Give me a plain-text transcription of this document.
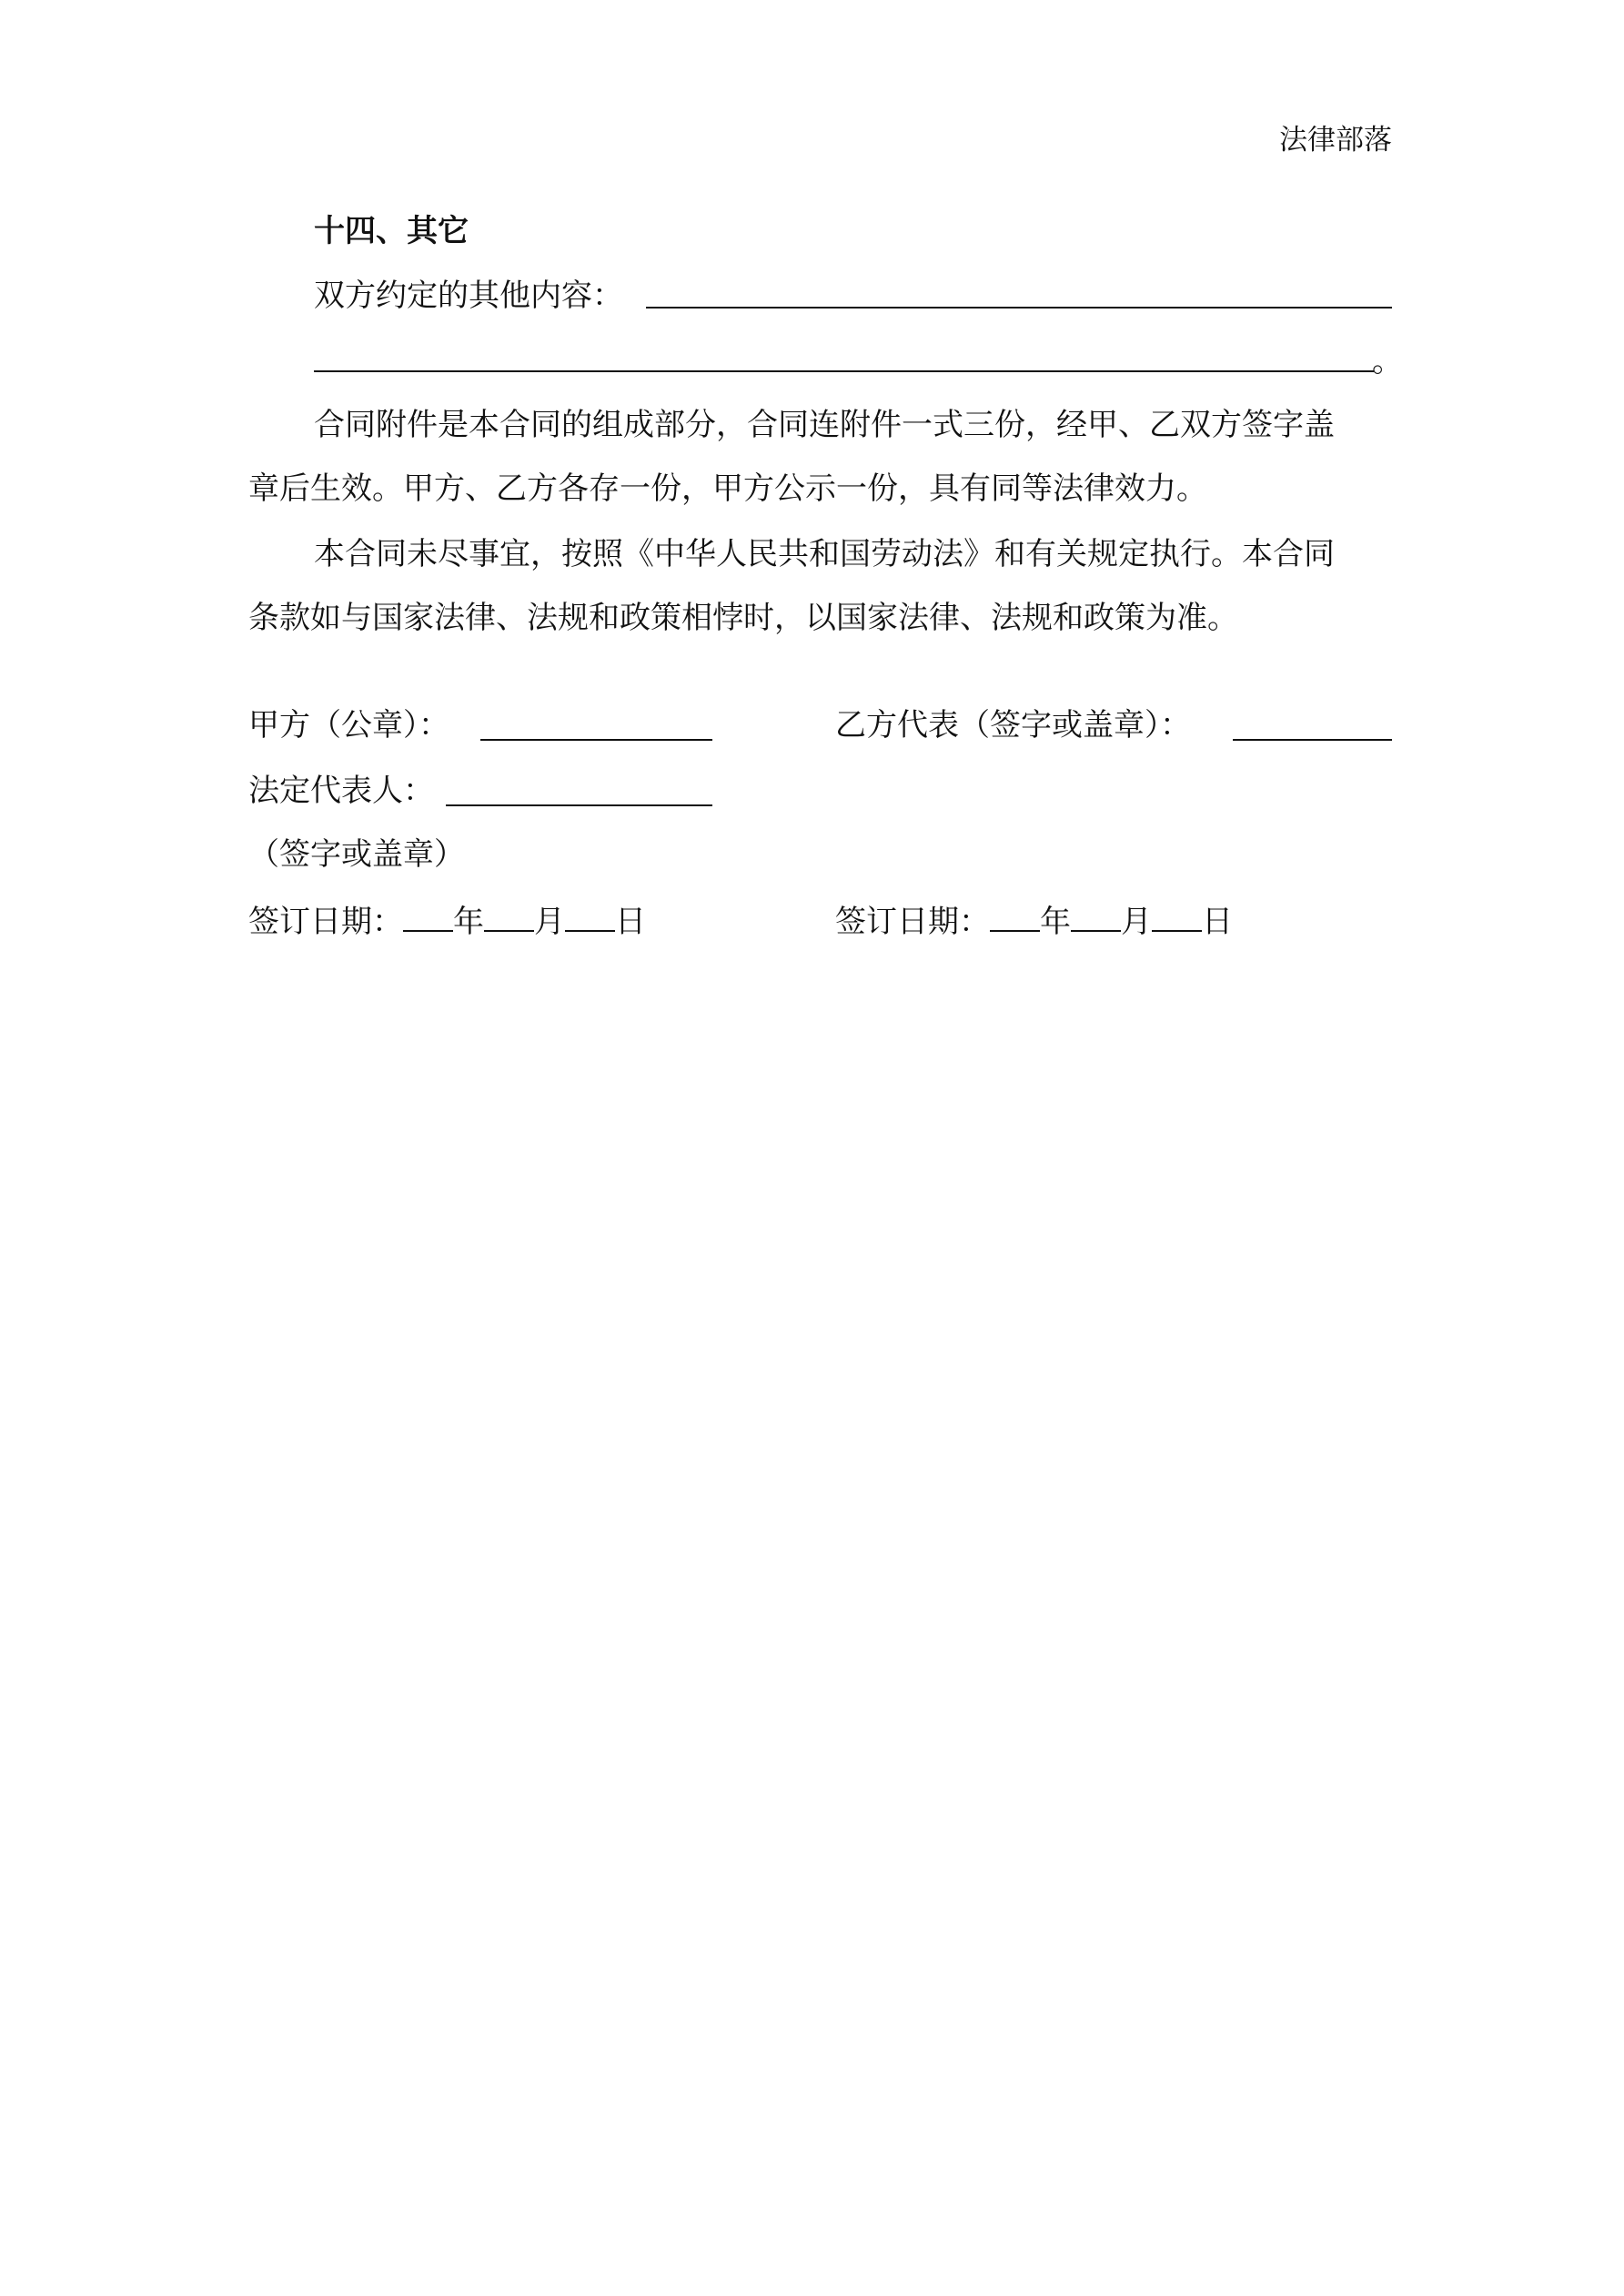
法律部落
十四、其它
双方约定的其他内容：
。
合同附件是本合同的组成部分，合同连附件一式三份，经甲、乙双方签字盖
章后生效。甲方、乙方各存一份，甲方公示一份，具有同等法律效力。
本合同未尽事宜，按照《中华人民共和国劳动法》和有关规定执行。本合同
条款如与国家法律、法规和政策相悖时，以国家法律、法规和政策为准。
甲方（公章）：	乙方代表（签字或盖章）：
法定代表人：
（签字或盖章）
签订日期： 年 月 日	签订日期： 年 月 日
